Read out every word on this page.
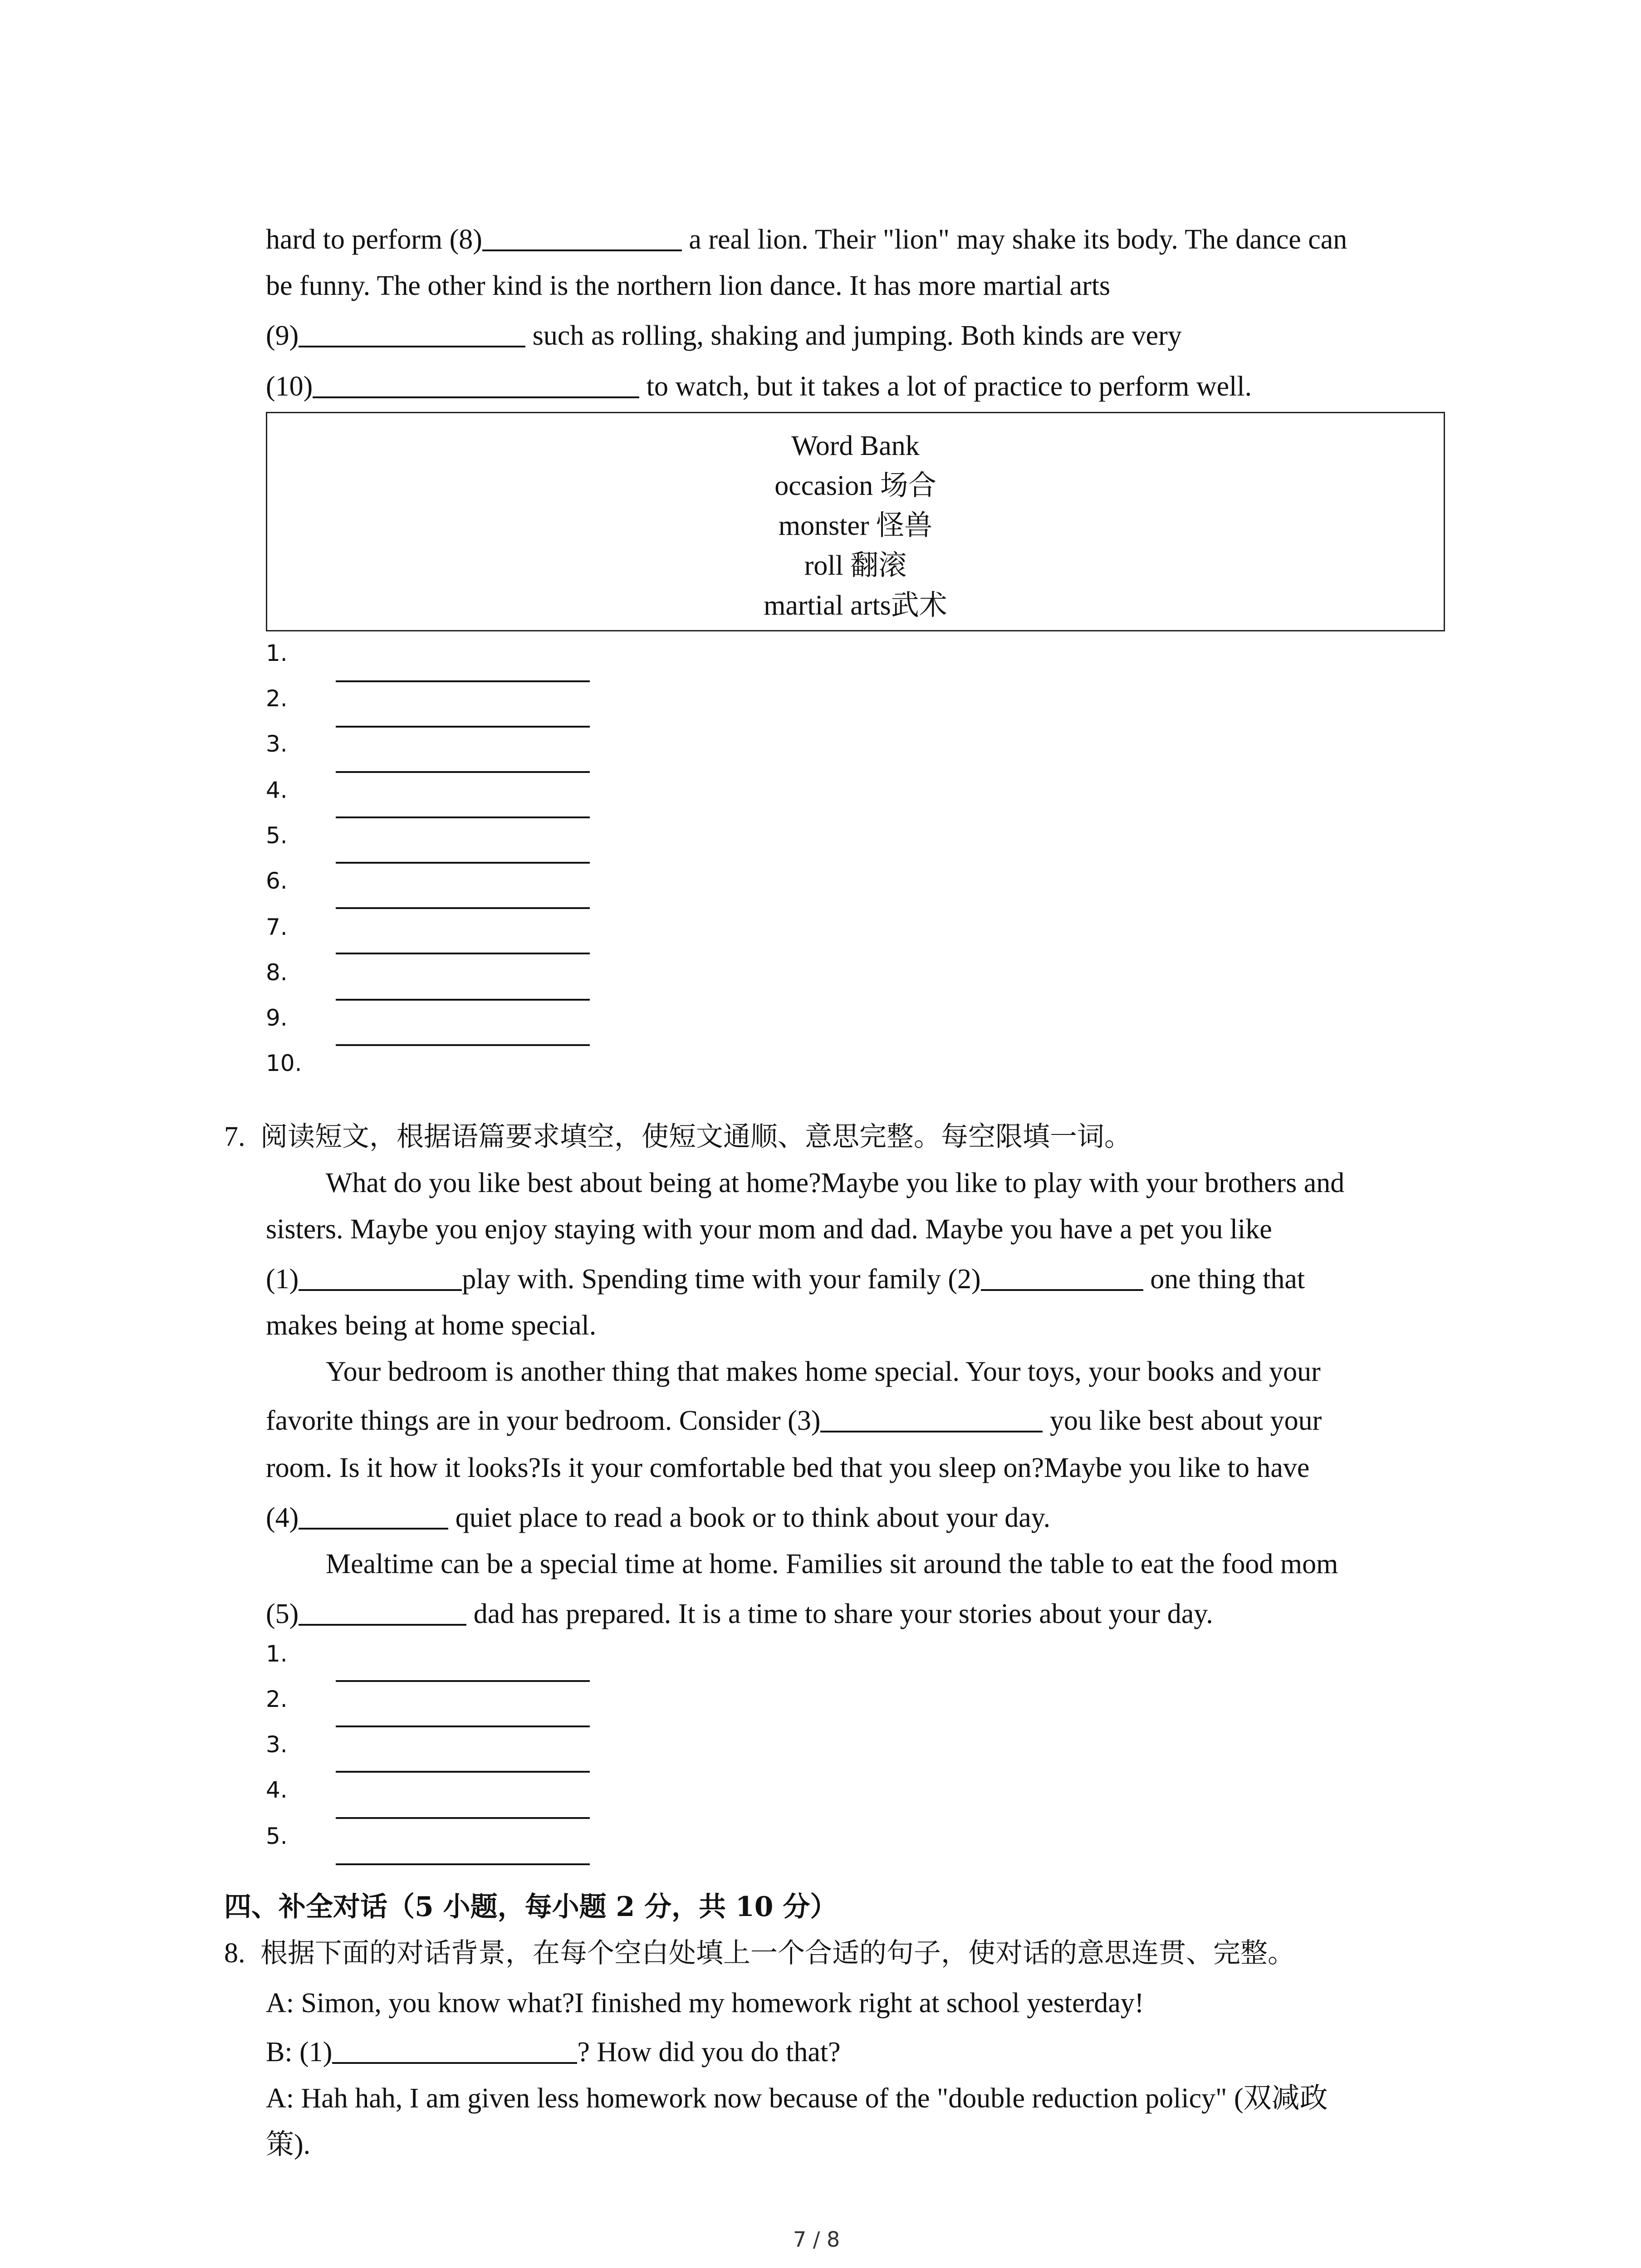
hard to perform (8)	a real lion. Their "lion" may shake its body. The dance can
be funny. The other kind is the northern lion dance. It has more martial arts
(9)	such as rolling, shaking and jumping. Both kinds are very
(10)	to watch, but it takes a lot of practice to perform well.
Word Bank
occasion 场合
monster 怪兽
roll 翻滚
martial arts武术
1.
2.
3.
4.
5.
6.
7.
8.
9.
10.
7. 阅读短文，根据语篇要求填空，使短文通顺、意思完整。每空限填一词。
What do you like best about being at home?Maybe you like to play with your brothers and
sisters. Maybe you enjoy staying with your mom and dad. Maybe you have a pet you like
(1)	play with. Spending time with your family (2)	one thing that
makes being at home special.
Your bedroom is another thing that makes home special. Your toys, your books and your
favorite things are in your bedroom. Consider (3)	you like best about your
room. Is it how it looks?Is it your comfortable bed that you sleep on?Maybe you like to have
(4)	quiet place to read a book or to think about your day.
Mealtime can be a special time at home. Families sit around the table to eat the food mom
(5)	dad has prepared. It is a time to share your stories about your day.
1.
2.
3.
4.
5.
四、补全对话（5 小题，每小题 2 分，共 10 分）
8. 根据下面的对话背景，在每个空白处填上一个合适的句子，使对话的意思连贯、完整。
A: Simon, you know what?I finished my homework right at school yesterday!
B: (1)	? How did you do that?
A: Hah hah, I am given less homework now because of the "double reduction policy" (双减政
策).
7 / 8
